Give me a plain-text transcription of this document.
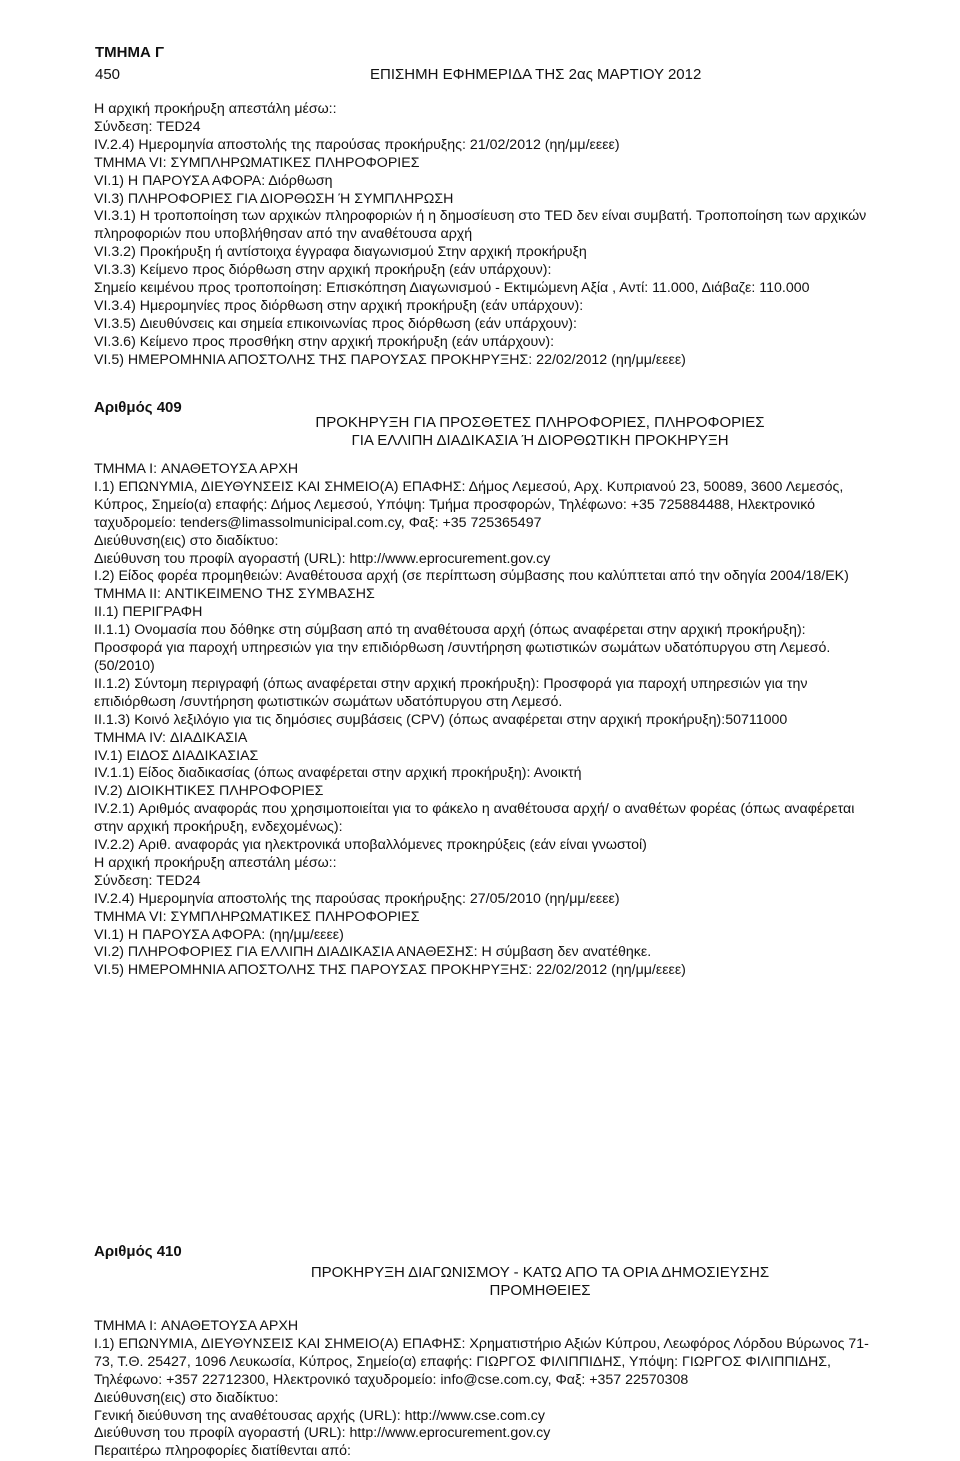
ΤΜΗΜΑ Γ
450	ΕΠΙΣΗΜΗ ΕΦΗΜΕΡΙΔΑ ΤΗΣ 2ας ΜΑΡΤΙΟΥ 2012

Η αρχική προκήρυξη απεστάλη μέσω::

Σύνδεση: TED24

IV.2.4) Ημερομηνία αποστολής της παρούσας προκήρυξης: 21/02/2012 (ηη/μμ/εεεε)

ΤΜΗΜΑ VI: ΣΥΜΠΛΗΡΩΜΑΤΙΚΕΣ ΠΛΗΡΟΦΟΡΙΕΣ

VI.1) Η ΠΑΡΟΥΣΑ ΑΦΟΡΑ: Διόρθωση

VI.3) ΠΛΗΡΟΦΟΡΙΕΣ ΓΙΑ ΔΙΟΡΘΩΣΗ Ή ΣΥΜΠΛΗΡΩΣΗ

VI.3.1) Η τροποποίηση των αρχικών πληροφοριών ή η δημοσίευση στο TED δεν είναι συμβατή. Τροποποίηση των αρχικών πληροφοριών που υποβλήθησαν από την αναθέτουσα αρχή

VI.3.2) Προκήρυξη ή αντίστοιχα έγγραφα διαγωνισμού Στην αρχική προκήρυξη

VI.3.3) Κείμενο προς διόρθωση στην αρχική προκήρυξη (εάν υπάρχουν):

Σημείο κειμένου προς τροποποίηση: Επισκόπηση Διαγωνισμού - Εκτιμώμενη Αξία , Αντί: 11.000, Διάβαζε: 110.000

VI.3.4) Ημερομηνίες προς διόρθωση στην αρχική προκήρυξη (εάν υπάρχουν):

VI.3.5) Διευθύνσεις και σημεία επικοινωνίας προς διόρθωση (εάν υπάρχουν):

VI.3.6) Κείμενο προς προσθήκη στην αρχική προκήρυξη (εάν υπάρχουν):

VI.5) ΗΜΕΡΟΜΗΝΙΑ ΑΠΟΣΤΟΛΗΣ ΤΗΣ ΠΑΡΟΥΣΑΣ ΠΡΟΚΗΡΥΞΗΣ: 22/02/2012 (ηη/μμ/εεεε)

Αριθμός 409

ΠΡΟΚΗΡΥΞΗ ΓΙΑ ΠΡΟΣΘΕΤΕΣ ΠΛΗΡΟΦΟΡΙΕΣ, ΠΛΗΡΟΦΟΡΙΕΣ

ΓΙΑ ΕΛΛΙΠΗ ΔΙΑΔΙΚΑΣΙΑ Ή ΔΙΟΡΘΩΤΙΚΗ ΠΡΟΚΗΡΥΞΗ

ΤΜΗΜΑ I: ΑΝΑΘΕΤΟΥΣΑ ΑΡΧΗ

I.1) ΕΠΩΝΥΜΙΑ, ΔΙΕΥΘΥΝΣΕΙΣ ΚΑΙ ΣΗΜΕΙΟ(Α) ΕΠΑΦΗΣ: Δήμος Λεμεσού, Αρχ. Κυπριανού 23, 50089, 3600 Λεμεσός, Κύπρος, Σημείο(α) επαφής: Δήμος Λεμεσού, Υπόψη: Τμήμα προσφορών, Τηλέφωνο: +35 725884488, Ηλεκτρονικό ταχυδρομείο: tenders@limassolmunicipal.com.cy, Φαξ: +35 725365497

Διεύθυνση(εις) στο διαδίκτυο:

Διεύθυνση του προφίλ αγοραστή (URL): http://www.eprocurement.gov.cy

I.2) Είδος φορέα προμηθειών: Αναθέτουσα αρχή (σε περίπτωση σύμβασης που καλύπτεται από την οδηγία 2004/18/ΕΚ)

ΤΜΗΜΑ II: ΑΝΤΙΚΕΙΜΕΝΟ ΤΗΣ ΣΥΜΒΑΣΗΣ

II.1) ΠΕΡΙΓΡΑΦΗ

II.1.1) Ονομασία που δόθηκε στη σύμβαση από τη αναθέτουσα αρχή (όπως αναφέρεται στην αρχική προκήρυξη): Προσφορά για παροχή υπηρεσιών για την επιδιόρθωση /συντήρηση φωτιστικών σωμάτων υδατόπυργου στη Λεμεσό. (50/2010)

II.1.2) Σύντομη περιγραφή (όπως αναφέρεται στην αρχική προκήρυξη): Προσφορά για παροχή υπηρεσιών για την επιδιόρθωση /συντήρηση φωτιστικών σωμάτων υδατόπυργου στη Λεμεσό.

II.1.3) Κοινό λεξιλόγιο για τις δημόσιες συμβάσεις (CPV) (όπως αναφέρεται στην αρχική προκήρυξη):50711000

ΤΜΗΜΑ IV: ΔΙΑΔΙΚΑΣΙΑ

IV.1) ΕΙΔΟΣ ΔΙΑΔΙΚΑΣΙΑΣ

IV.1.1) Είδος διαδικασίας (όπως αναφέρεται στην αρχική προκήρυξη): Ανοικτή

IV.2) ΔΙΟΙΚΗΤΙΚΕΣ ΠΛΗΡΟΦΟΡΙΕΣ

IV.2.1) Αριθμός αναφοράς που χρησιμοποιείται για το φάκελο η αναθέτουσα αρχή/ ο αναθέτων φορέας (όπως αναφέρεται στην αρχική προκήρυξη, ενδεχομένως):

IV.2.2) Αριθ. αναφοράς για ηλεκτρονικά υποβαλλόμενες προκηρύξεις (εάν είναι γνωστοί)

Η αρχική προκήρυξη απεστάλη μέσω::

Σύνδεση: TED24

IV.2.4) Ημερομηνία αποστολής της παρούσας προκήρυξης: 27/05/2010 (ηη/μμ/εεεε)

ΤΜΗΜΑ VI: ΣΥΜΠΛΗΡΩΜΑΤΙΚΕΣ ΠΛΗΡΟΦΟΡΙΕΣ

VI.1) Η ΠΑΡΟΥΣΑ ΑΦΟΡΑ: (ηη/μμ/εεεε)

VI.2) ΠΛΗΡΟΦΟΡΙΕΣ ΓΙΑ ΕΛΛΙΠΗ ΔΙΑΔΙΚΑΣΙΑ ΑΝΑΘΕΣΗΣ: Η σύμβαση δεν ανατέθηκε.

VI.5) ΗΜΕΡΟΜΗΝΙΑ ΑΠΟΣΤΟΛΗΣ ΤΗΣ ΠΑΡΟΥΣΑΣ ΠΡΟΚΗΡΥΞΗΣ: 22/02/2012 (ηη/μμ/εεεε)

Αριθμός 410

ΠΡΟΚΗΡΥΞΗ ΔΙΑΓΩΝΙΣΜΟΥ - ΚΑΤΩ ΑΠΟ ΤΑ ΟΡΙΑ ΔΗΜΟΣΙΕΥΣΗΣ

ΠΡΟΜΗΘΕΙΕΣ

ΤΜΗΜΑ I: ΑΝΑΘΕΤΟΥΣΑ ΑΡΧΗ

I.1) ΕΠΩΝΥΜΙΑ, ΔΙΕΥΘΥΝΣΕΙΣ ΚΑΙ ΣΗΜΕΙΟ(Α) ΕΠΑΦΗΣ: Χρηματιστήριο Αξιών Κύπρου, Λεωφόρος Λόρδου Βύρωνος 71-73, Τ.Θ. 25427, 1096 Λευκωσία, Κύπρος, Σημείο(α) επαφής: ΓΙΩΡΓΟΣ ΦΙΛΙΠΠΙΔΗΣ, Υπόψη: ΓΙΩΡΓΟΣ ΦΙΛΙΠΠΙΔΗΣ, Τηλέφωνο: +357 22712300, Ηλεκτρονικό ταχυδρομείο: info@cse.com.cy, Φαξ: +357 22570308

Διεύθυνση(εις) στο διαδίκτυο:

Γενική διεύθυνση της αναθέτουσας αρχής (URL): http://www.cse.com.cy

Διεύθυνση του προφίλ αγοραστή (URL): http://www.eprocurement.gov.cy

Περαιτέρω πληροφορίες διατίθενται από:
